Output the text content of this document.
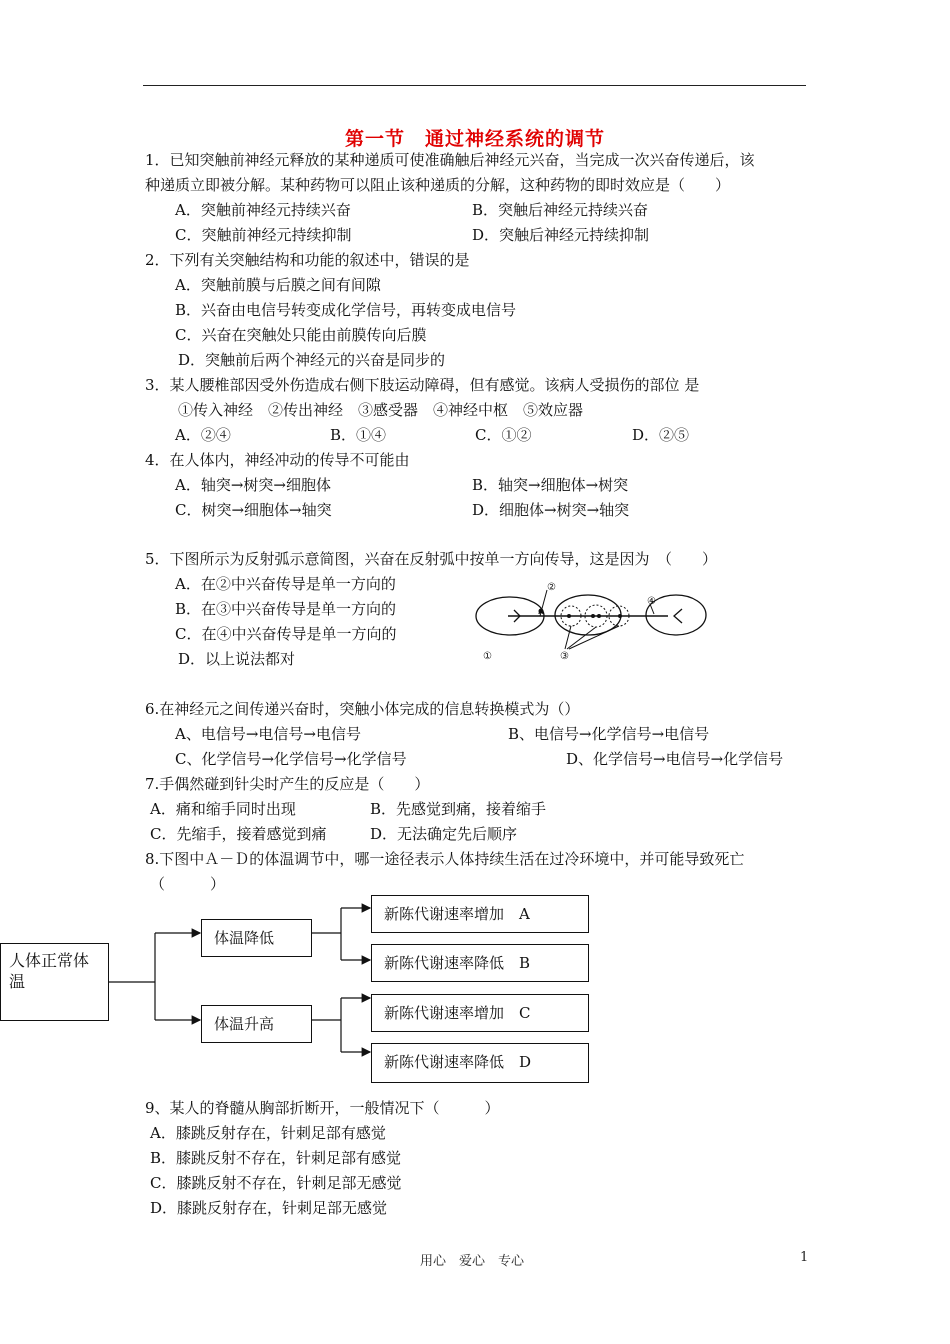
第一节　通过神经系统的调节
1．已知突触前神经元释放的某种递质可使准确触后神经元兴奋，当完成一次兴奋传递后，该
种递质立即被分解。某种药物可以阻止该种递质的分解，这种药物的即时效应是（　　）
A．突触前神经元持续兴奋	B．突触后神经元持续兴奋
C．突触前神经元持续抑制	D．突触后神经元持续抑制
2．下列有关突触结构和功能的叙述中，错误的是
A．突触前膜与后膜之间有间隙
B．兴奋由电信号转变成化学信号，再转变成电信号
C．兴奋在突触处只能由前膜传向后膜
D．突触前后两个神经元的兴奋是同步的
3．某人腰椎部因受外伤造成右侧下肢运动障碍，但有感觉。该病人受损伤的部位 是
①传入神经　②传出神经　③感受器　④神经中枢　⑤效应器
A．②④	B．①④	C．①②	D．②⑤
4．在人体内，神经冲动的传导不可能由
A．轴突→树突→细胞体	B．轴突→细胞体→树突
C．树突→细胞体→轴突	D．细胞体→树突→轴突
5．下图所示为反射弧示意简图，兴奋在反射弧中按单一方向传导，这是因为　（　　）
A．在②中兴奋传导是单一方向的
B．在③中兴奋传导是单一方向的
C．在④中兴奋传导是单一方向的
D．以上说法都对
②
④
③
①
6.在神经元之间传递兴奋时，突触小体完成的信息转换模式为（）
A、电信号→电信号→电信号	B、电信号→化学信号→电信号
C、化学信号→化学信号→化学信号	D、化学信号→电信号→化学信号
7.手偶然碰到针尖时产生的反应是（　　）
A．痛和缩手同时出现	B．先感觉到痛，接着缩手
C．先缩手，接着感觉到痛	D．无法确定先后顺序
8.下图中Ａ－Ｄ的体温调节中，哪一途径表示人体持续生活在过冷环境中，并可能导致死亡
（　　　）
人体正常体温
体温降低
体温升高
新陈代谢速率增加　A
新陈代谢速率降低　B
新陈代谢速率增加　C
新陈代谢速率降低　D
9、某人的脊髓从胸部折断开，一般情况下（　　　）
A．膝跳反射存在，针刺足部有感觉
B．膝跳反射不存在，针刺足部有感觉
C．膝跳反射不存在，针刺足部无感觉
D．膝跳反射存在，针刺足部无感觉
用心　爱心　专心	1
